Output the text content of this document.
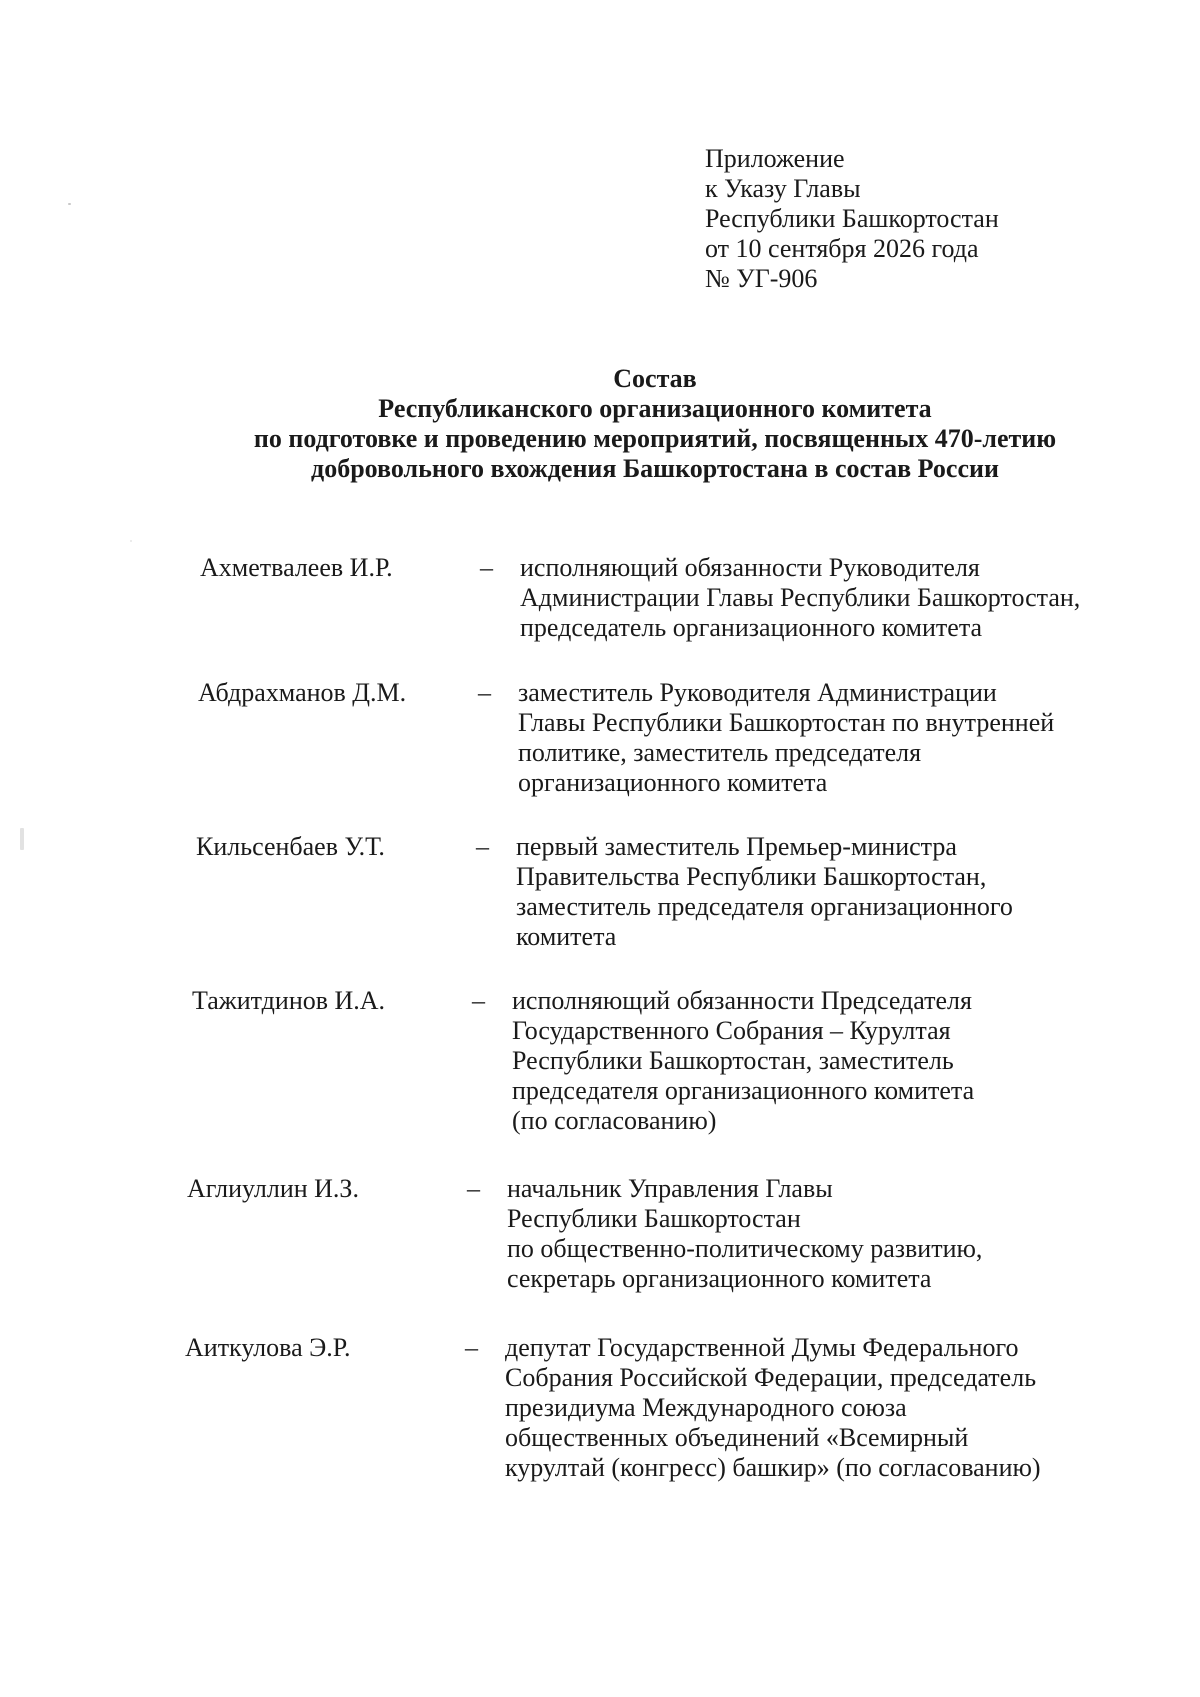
Приложение
к Указу Главы
Республики Башкортостан
от 10 сентября 2026 года
№ УГ-906
Состав
Республиканского организационного комитета
по подготовке и проведению мероприятий, посвященных 470-летию
добровольного вхождения Башкортостана в состав России
Ахметвалеев И.Р.	– исполняющий обязанности Руководителя
Администрации Главы Республики Башкортостан,
председатель организационного комитета
Абдрахманов Д.М.	– заместитель Руководителя Администрации
Главы Республики Башкортостан по внутренней
политике, заместитель председателя
организационного комитета
Кильсенбаев У.Т.	– первый заместитель Премьер-министра
Правительства Республики Башкортостан,
заместитель председателя организационного
комитета
Тажитдинов И.А.	– исполняющий обязанности Председателя
Государственного Собрания – Курултая
Республики Башкортостан, заместитель
председателя организационного комитета
(по согласованию)
Аглиуллин И.З.	– начальник Управления Главы
Республики Башкортостан
по общественно-политическому развитию,
секретарь организационного комитета
Аиткулова Э.Р.	– депутат Государственной Думы Федерального
Собрания Российской Федерации, председатель
президиума Международного союза
общественных объединений «Всемирный
курултай (конгресс) башкир» (по согласованию)
